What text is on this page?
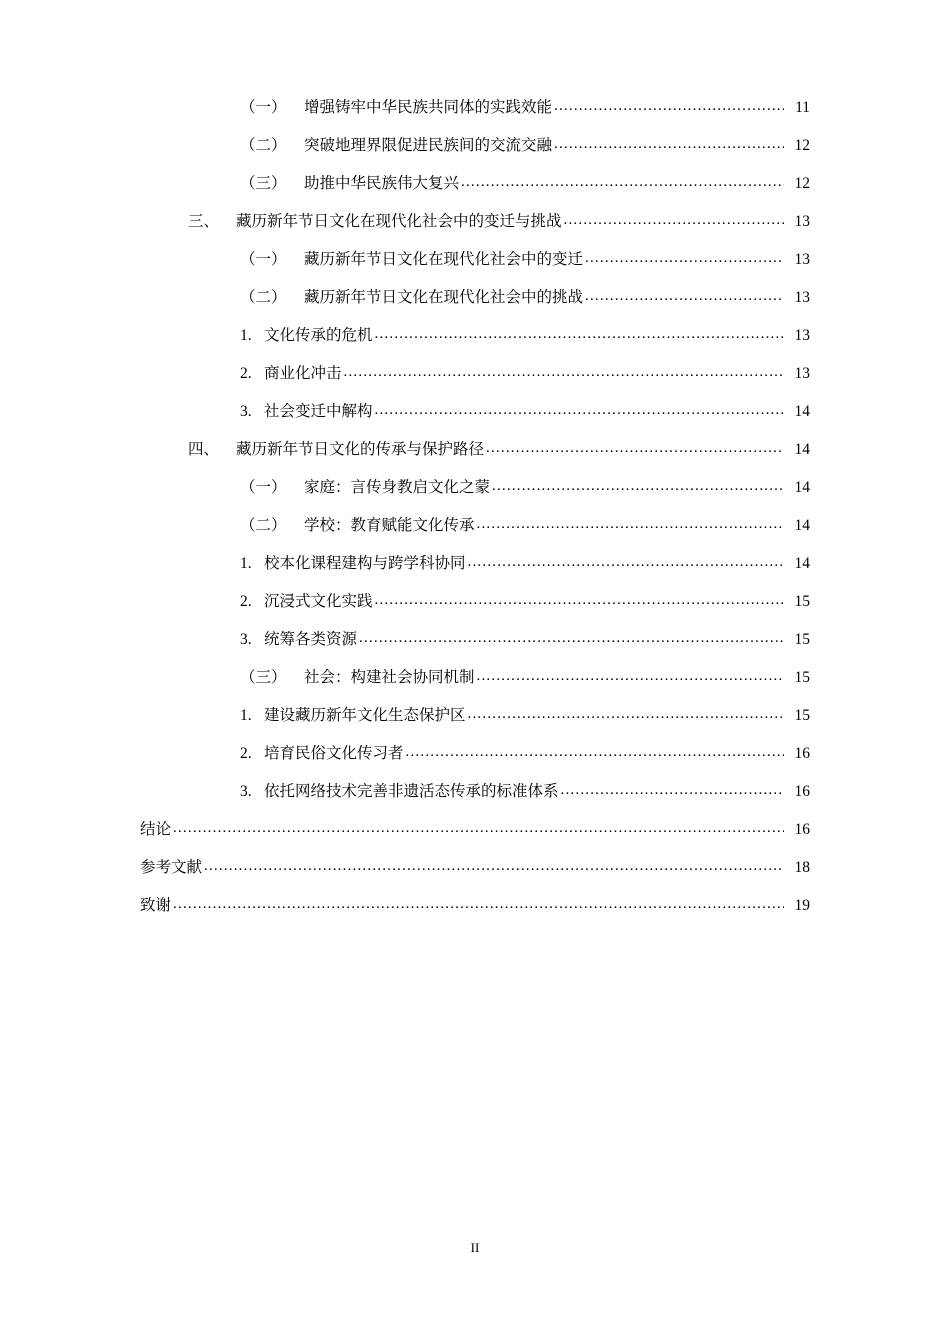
（一）	增强铸牢中华民族共同体的实践效能 .....	11
（二）	突破地理界限促进民族间的交流交融 .....	12
（三）	助推中华民族伟大复兴 .....	12
三、	藏历新年节日文化在现代化社会中的变迁与挑战 .....	13
（一）	藏历新年节日文化在现代化社会中的变迁 .....	13
（二）	藏历新年节日文化在现代化社会中的挑战 .....	13
1. 文化传承的危机 .....	13
2. 商业化冲击 .....	13
3. 社会变迁中解构 .....	14
四、	藏历新年节日文化的传承与保护路径 .....	14
（一）	家庭：言传身教启文化之蒙 .....	14
（二）	学校：教育赋能文化传承 .....	14
1. 校本化课程建构与跨学科协同 .....	14
2. 沉浸式文化实践 .....	15
3. 统筹各类资源 .....	15
（三）	社会：构建社会协同机制 .....	15
1. 建设藏历新年文化生态保护区 .....	15
2. 培育民俗文化传习者 .....	16
3. 依托网络技术完善非遗活态传承的标准体系 .....	16
结论 .....	16
参考文献 .....	18
致谢 .....	19
II
